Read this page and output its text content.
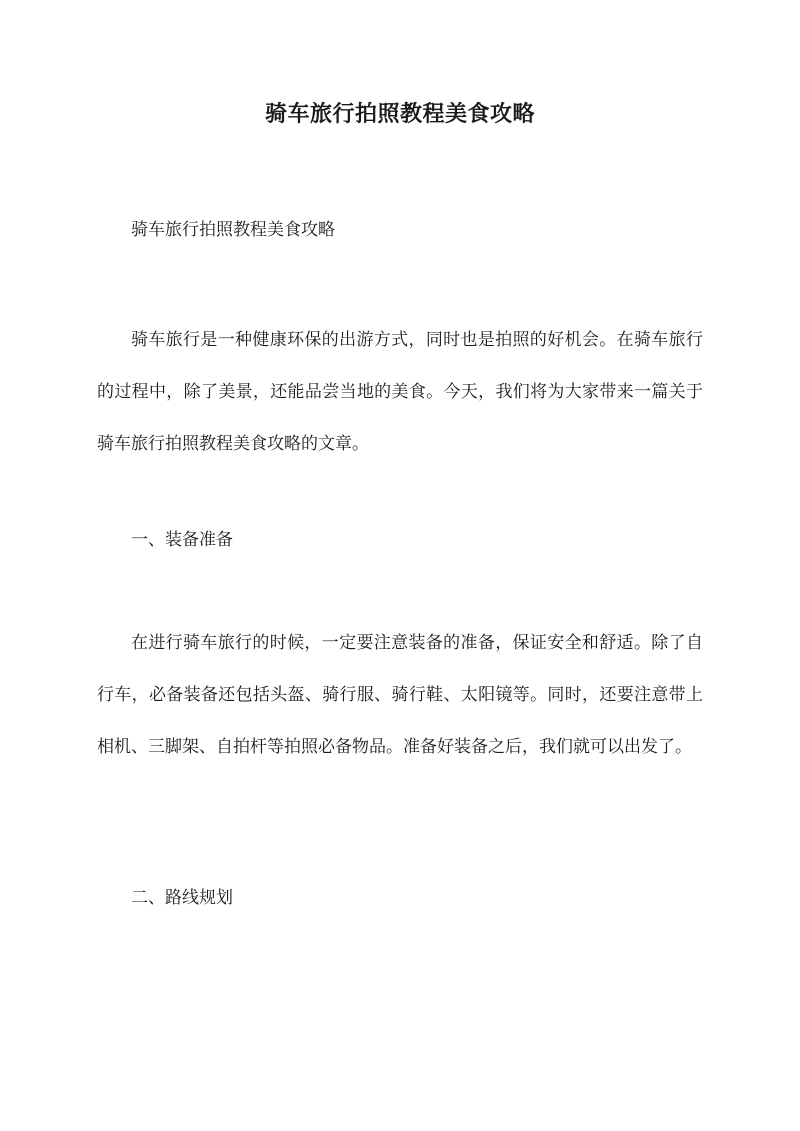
骑车旅行拍照教程美食攻略

骑车旅行拍照教程美食攻略

骑车旅行是一种健康环保的出游方式，同时也是拍照的好机会。在骑车旅行的过程中，除了美景，还能品尝当地的美食。今天，我们将为大家带来一篇关于骑车旅行拍照教程美食攻略的文章。

一、装备准备

在进行骑车旅行的时候，一定要注意装备的准备，保证安全和舒适。除了自行车，必备装备还包括头盔、骑行服、骑行鞋、太阳镜等。同时，还要注意带上相机、三脚架、自拍杆等拍照必备物品。准备好装备之后，我们就可以出发了。

二、路线规划
